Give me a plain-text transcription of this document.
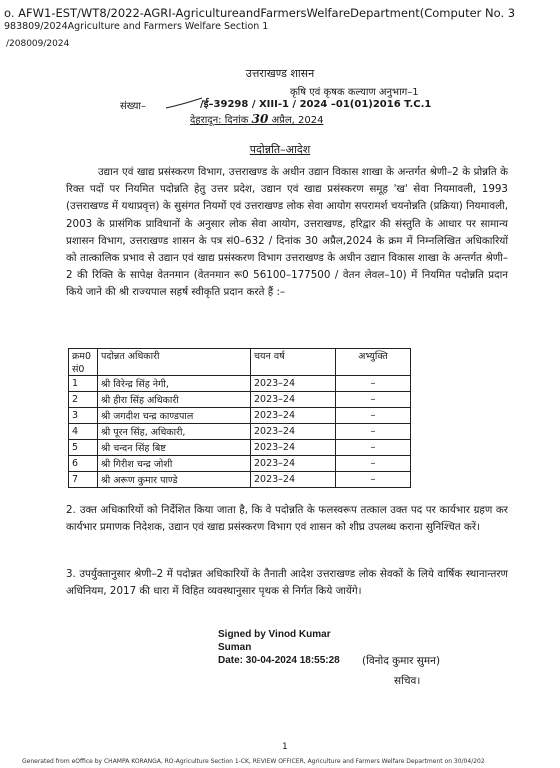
o. AFW1-EST/WT8/2022-AGRI-AgricultureandFarmersWelfareDepartment(Computer No. 3
983809/2024Agriculture and Farmers Welfare Section 1
/208009/2024
उत्तराखण्ड शासन
कृषि एवं कृषक कल्याण अनुभाग–1
संख्या–	/ई–39298 / XIII-1 / 2024 –01(01)2016 T.C.1
देहरादून: दिनांक 30 अप्रैल, 2024
पदोन्नति–आदेश
उद्यान एवं खाद्य प्रसंस्करण विभाग, उत्तराखण्ड के अधीन उद्यान विकास शाखा के अन्तर्गत श्रेणी–2 के प्रोन्नति के रिक्त पदों पर नियमित पदोन्नति हेतु उत्तर प्रदेश, उद्यान एवं खाद्य प्रसंस्करण समूह 'ख' सेवा नियमावली, 1993 (उत्तराखण्ड में यथाप्रवृत्त) के सुसंगत नियमों एवं उत्तराखण्ड लोक सेवा आयोग सपरामर्श चयनोन्नति (प्रक्रिया) नियमावली, 2003 के प्रासंगिक प्राविधानों के अनुसार लोक सेवा आयोग, उत्तराखण्ड, हरिद्वार की संस्तुति के आधार पर सामान्य प्रशासन विभाग, उत्तराखण्ड शासन के पत्र सं0–632 / दिनांक 30 अप्रैल,2024 के क्रम में निम्नलिखित अधिकारियों को तात्कालिक प्रभाव से उद्यान एवं खाद्य प्रसंस्करण विभाग उत्तराखण्ड के अधीन उद्यान विकास शाखा के अन्तर्गत श्रेणी–2 की रिक्ति के सापेक्ष वेतनमान (वेतनमान रू0 56100–177500 / वेतन लेवल–10) में नियमित पदोन्नति प्रदान किये जाने की श्री राज्यपाल सहर्ष स्वीकृति प्रदान करते हैं :–
क्रम0 सं0	पदोन्नत अधिकारी	चयन वर्ष	अभ्युक्ति
1	श्री विरेन्द्र सिंह नेगी,	2023–24	–
2	श्री हीरा सिंह अधिकारी	2023–24	–
3	श्री जगदीश चन्द्र काण्डपाल	2023–24	–
4	श्री पूरन सिंह, अधिकारी,	2023–24	–
5	श्री चन्दन सिंह बिष्ट	2023–24	–
6	श्री गिरीश चन्द्र जोशी	2023–24	–
7	श्री अरूण कुमार पाण्डे	2023–24	–
2. उक्त अधिकारियों को निर्देशित किया जाता है, कि वे पदोन्नति के फलस्वरूप तत्काल उक्त पद पर कार्यभार ग्रहण कर कार्यभार प्रमाणक निदेशक, उद्यान एवं खाद्य प्रसंस्करण विभाग एवं शासन को शीघ्र उपलब्ध कराना सुनिश्चित करें।
3. उपर्युक्तानुसार श्रेणी–2 में पदोन्नत अधिकारियों के तैनाती आदेश उत्तराखण्ड लोक सेवकों के लिये वार्षिक स्थानान्तरण अधिनियम, 2017 की धारा में विहित व्यवस्थानुसार पृथक से निर्गत किये जायेंगे।
Signed by Vinod Kumar
Suman
Date: 30-04-2024 18:55:28 (विनोद कुमार सुमन)
सचिव।
1
Generated from eOffice by CHAMPA KORANGA, RO-Agriculture Section 1-CK, REVIEW OFFICER, Agriculture and Farmers Welfare Department on 30/04/202
